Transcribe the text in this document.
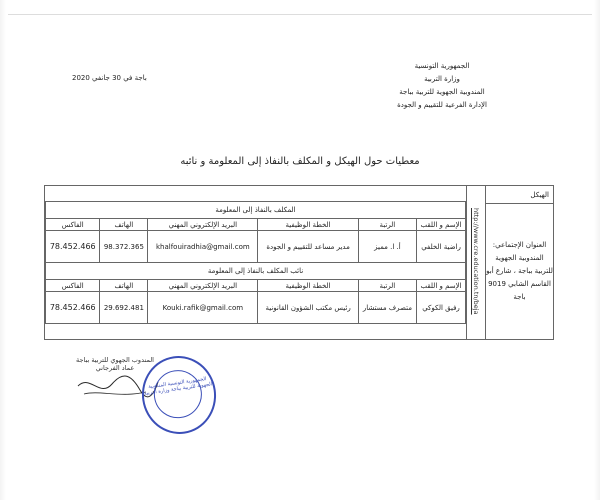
الجمهورية التونسية
وزارة التربية
المندوبية الجهوية للتربية بباجة
الإدارة الفرعية للتقييم و الجودة
باجة في 30 جانفي 2020
معطيات حول الهيكل و المكلف بالنفاذ إلى المعلومة و نائبه
الهيكل
	http://www.cre.education.tn/beja	
المكلف بالنفاذ إلى المعلومة
الإسم و اللقب	الرتبة	الخطة الوظيفية	البريد الإلكتروني المهني	الهاتف	الفاكس
راضية الخلفي	أ. ا. مميز	مدير مساعد للتقييم و الجودة	khalfouiradhia@gmail.com	98.372.365	78.452.466
نائب المكلف بالنفاذ إلى المعلومة
الإسم و اللقب	الرتبة	الخطة الوظيفية	البريد الإلكتروني المهني	الهاتف	الفاكس
رفيق الكوكي	متصرف مستشار	رئيس مكتب الشؤون القانونية	Kouki.rafik@gmail.com	29.692.481	78.452.466

العنوان الإجتماعي: المندوبية الجهوية للتربية بباجة ، شارع أبو القاسم الشابي 9019 باجة
المندوب الجهوي للتربية بباجة
عماد الفرجاني
الجمهورية التونسية المندوبية الجهوية للتربية بباجة وزارة التربية
